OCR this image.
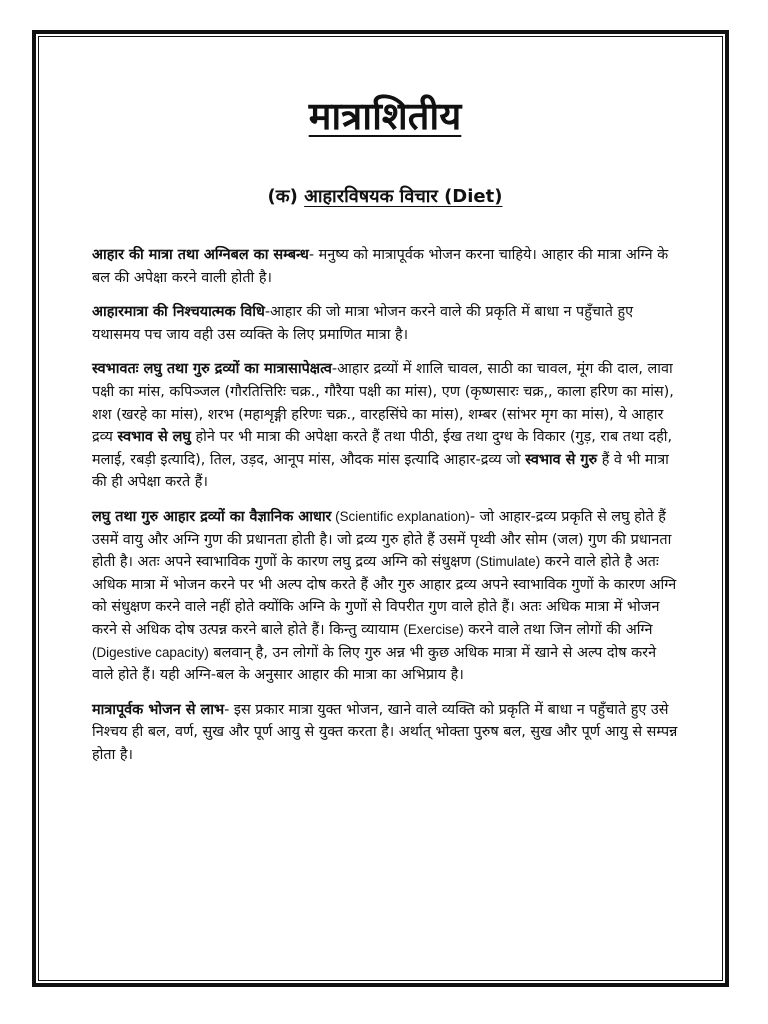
मात्राशितीय
(क) आहारविषयक विचार (Diet)

आहार की मात्रा तथा अग्निबल का सम्बन्ध- मनुष्य को मात्रापूर्वक भोजन करना चाहिये। आहार की मात्रा अग्नि के बल की अपेक्षा करने वाली होती है।

आहारमात्रा की निश्चयात्मक विधि-आहार की जो मात्रा भोजन करने वाले की प्रकृति में बाधा न पहुँचाते हुए यथासमय पच जाय वही उस व्यक्ति के लिए प्रमाणित मात्रा है।

स्वभावतः लघु तथा गुरु द्रव्यों का मात्रासापेक्षत्व-आहार द्रव्यों में शालि चावल, साठी का चावल, मूंग की दाल, लावा पक्षी का मांस, कपिञ्जल (गौरतित्तिरिः चक्र., गौरैया पक्षी का मांस), एण (कृष्णसारः चक्र,, काला हरिण का मांस), शश (खरहे का मांस), शरभ (महाशृङ्गी हरिणः चक्र., वारहसिंघे का मांस), शम्बर (सांभर मृग का मांस), ये आहार द्रव्य स्वभाव से लघु होने पर भी मात्रा की अपेक्षा करते हैं तथा पीठी, ईख तथा दुग्ध के विकार (गुड़, राब तथा दही, मलाई, रबड़ी इत्यादि), तिल, उड़द, आनूप मांस, औदक मांस इत्यादि आहार-द्रव्य जो स्वभाव से गुरु हैं वे भी मात्रा की ही अपेक्षा करते हैं।

लघु तथा गुरु आहार द्रव्यों का वैज्ञानिक आधार (Scientific explanation)- जो आहार-द्रव्य प्रकृति से लघु होते हैं उसमें वायु और अग्नि गुण की प्रधानता होती है। जो द्रव्य गुरु होते हैं उसमें पृथ्वी और सोम (जल) गुण की प्रधानता होती है। अतः अपने स्वाभाविक गुणों के कारण लघु द्रव्य अग्नि को संधुक्षण (Stimulate) करने वाले होते है अतः अधिक मात्रा में भोजन करने पर भी अल्प दोष करते हैं और गुरु आहार द्रव्य अपने स्वाभाविक गुणों के कारण अग्नि को संधुक्षण करने वाले नहीं होते क्योंकि अग्नि के गुणों से विपरीत गुण वाले होते हैं। अतः अधिक मात्रा में भोजन करने से अधिक दोष उत्पन्न करने बाले होते हैं। किन्तु व्यायाम (Exercise) करने वाले तथा जिन लोगों की अग्नि (Digestive capacity) बलवान् है, उन लोगों के लिए गुरु अन्न भी कुछ अधिक मात्रा में खाने से अल्प दोष करने वाले होते हैं। यही अग्नि-बल के अनुसार आहार की मात्रा का अभिप्राय है।

मात्रापूर्वक भोजन से लाभ- इस प्रकार मात्रा युक्त भोजन, खाने वाले व्यक्ति को प्रकृति में बाधा न पहुँचाते हुए उसे निश्चय ही बल, वर्ण, सुख और पूर्ण आयु से युक्त करता है। अर्थात् भोक्ता पुरुष बल, सुख और पूर्ण आयु से सम्पन्न होता है।
